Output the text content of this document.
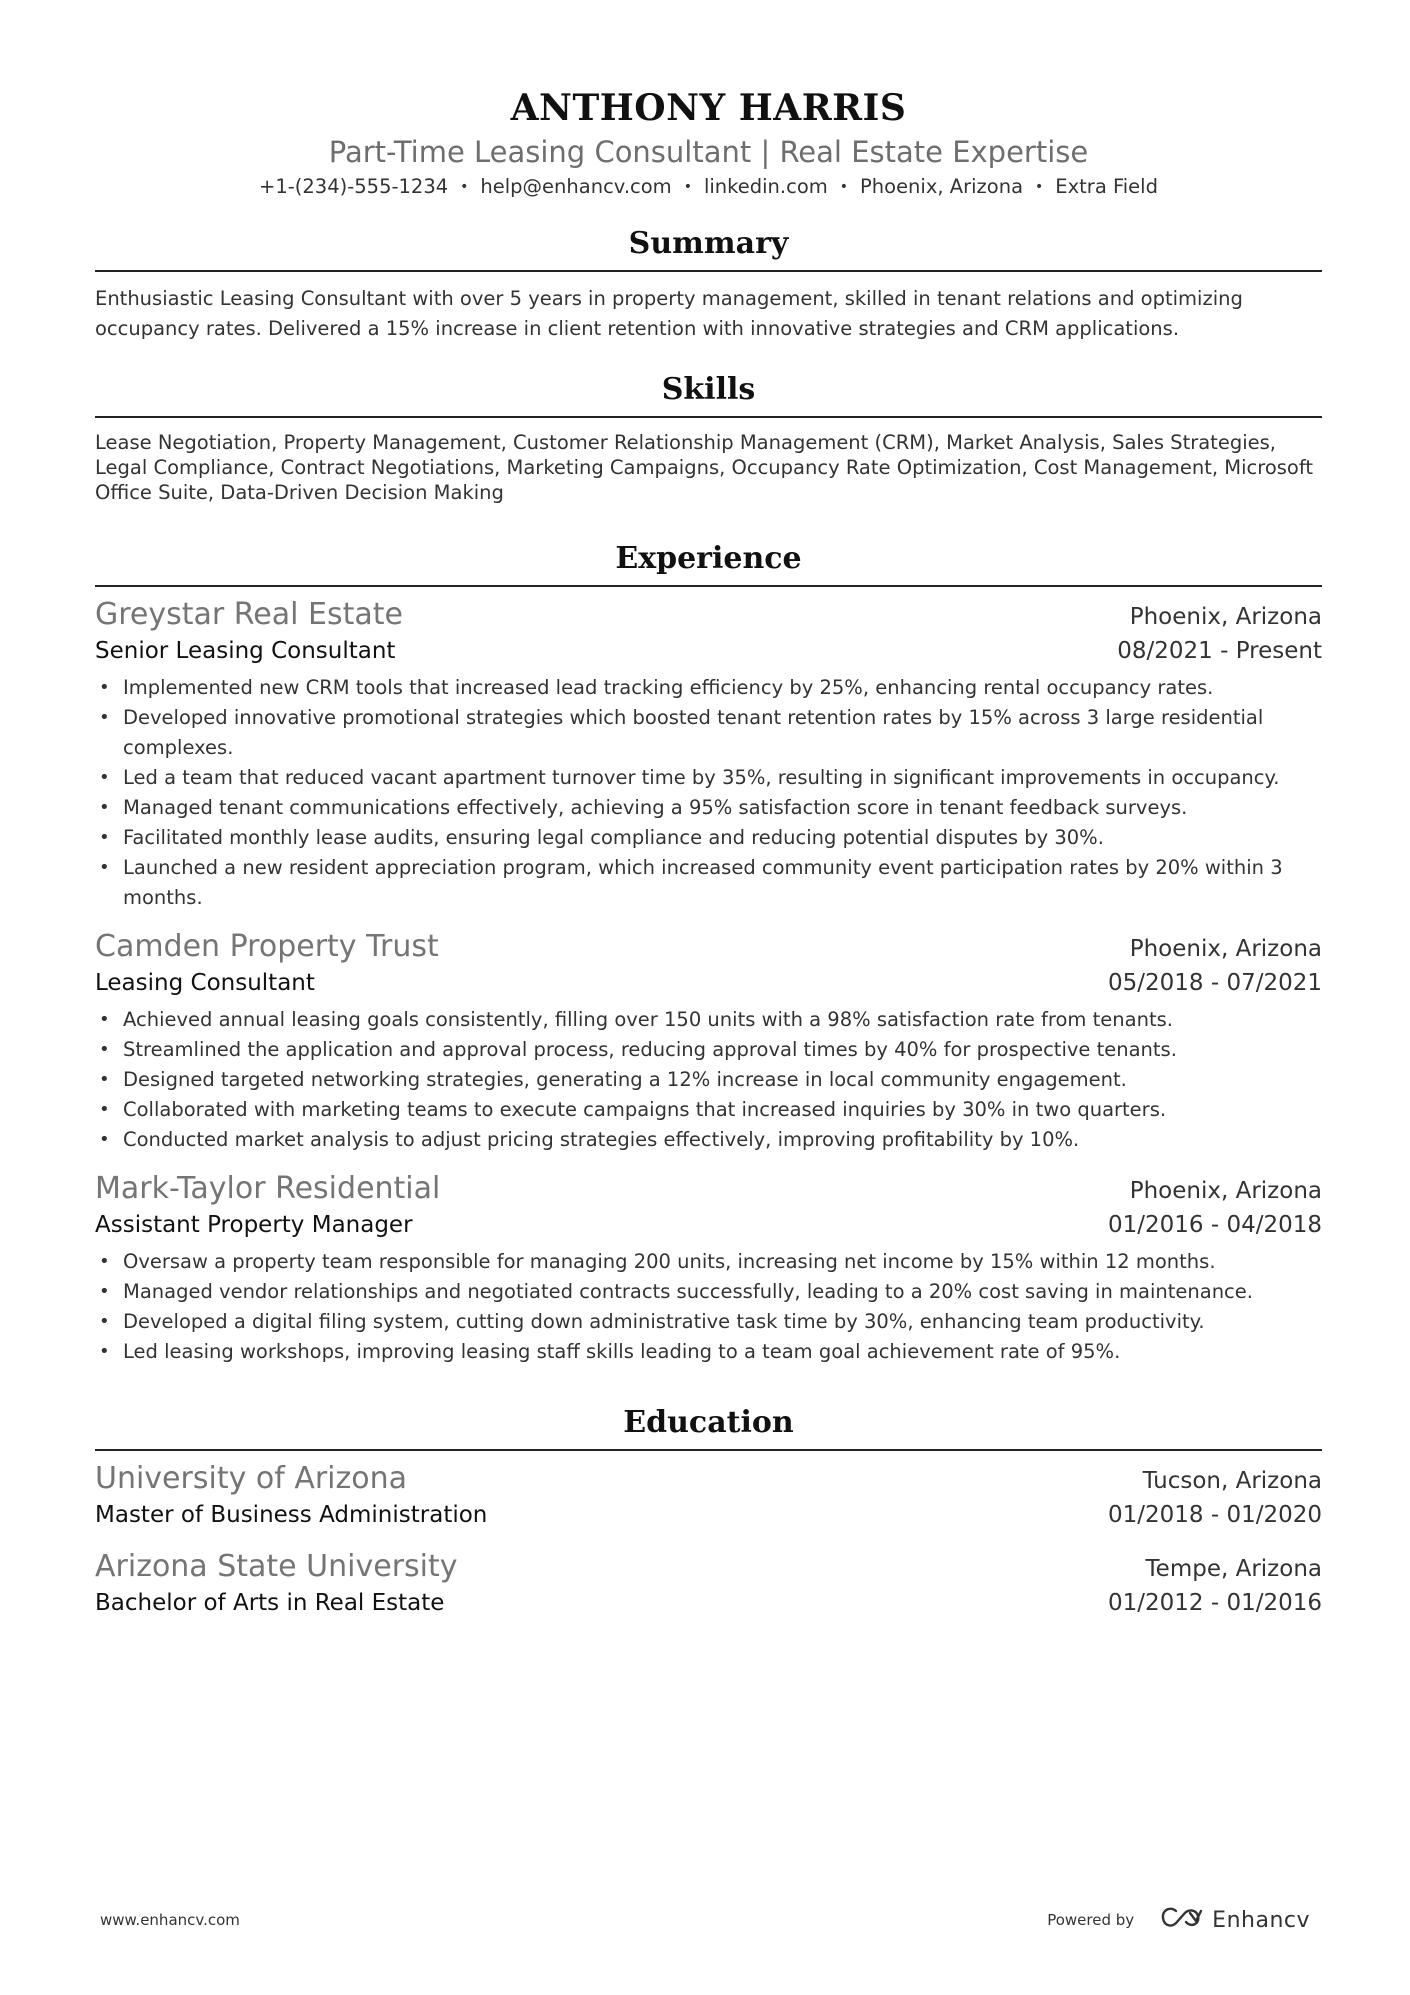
ANTHONY HARRIS
Part-Time Leasing Consultant | Real Estate Expertise
+1-(234)-555-1234 • help@enhancv.com • linkedin.com • Phoenix, Arizona • Extra Field
Summary
Enthusiastic Leasing Consultant with over 5 years in property management, skilled in tenant relations and optimizing occupancy rates. Delivered a 15% increase in client retention with innovative strategies and CRM applications.
Skills
Lease Negotiation, Property Management, Customer Relationship Management (CRM), Market Analysis, Sales Strategies, Legal Compliance, Contract Negotiations, Marketing Campaigns, Occupancy Rate Optimization, Cost Management, Microsoft Office Suite, Data-Driven Decision Making
Experience
Greystar Real Estate	Phoenix, Arizona
Senior Leasing Consultant	08/2021 - Present
• Implemented new CRM tools that increased lead tracking efficiency by 25%, enhancing rental occupancy rates.
• Developed innovative promotional strategies which boosted tenant retention rates by 15% across 3 large residential complexes.
• Led a team that reduced vacant apartment turnover time by 35%, resulting in significant improvements in occupancy.
• Managed tenant communications effectively, achieving a 95% satisfaction score in tenant feedback surveys.
• Facilitated monthly lease audits, ensuring legal compliance and reducing potential disputes by 30%.
• Launched a new resident appreciation program, which increased community event participation rates by 20% within 3 months.
Camden Property Trust	Phoenix, Arizona
Leasing Consultant	05/2018 - 07/2021
• Achieved annual leasing goals consistently, filling over 150 units with a 98% satisfaction rate from tenants.
• Streamlined the application and approval process, reducing approval times by 40% for prospective tenants.
• Designed targeted networking strategies, generating a 12% increase in local community engagement.
• Collaborated with marketing teams to execute campaigns that increased inquiries by 30% in two quarters.
• Conducted market analysis to adjust pricing strategies effectively, improving profitability by 10%.
Mark-Taylor Residential	Phoenix, Arizona
Assistant Property Manager	01/2016 - 04/2018
• Oversaw a property team responsible for managing 200 units, increasing net income by 15% within 12 months.
• Managed vendor relationships and negotiated contracts successfully, leading to a 20% cost saving in maintenance.
• Developed a digital filing system, cutting down administrative task time by 30%, enhancing team productivity.
• Led leasing workshops, improving leasing staff skills leading to a team goal achievement rate of 95%.
Education
University of Arizona	Tucson, Arizona
Master of Business Administration	01/2018 - 01/2020
Arizona State University	Tempe, Arizona
Bachelor of Arts in Real Estate	01/2012 - 01/2016
www.enhancv.com	Powered by	Enhancv
